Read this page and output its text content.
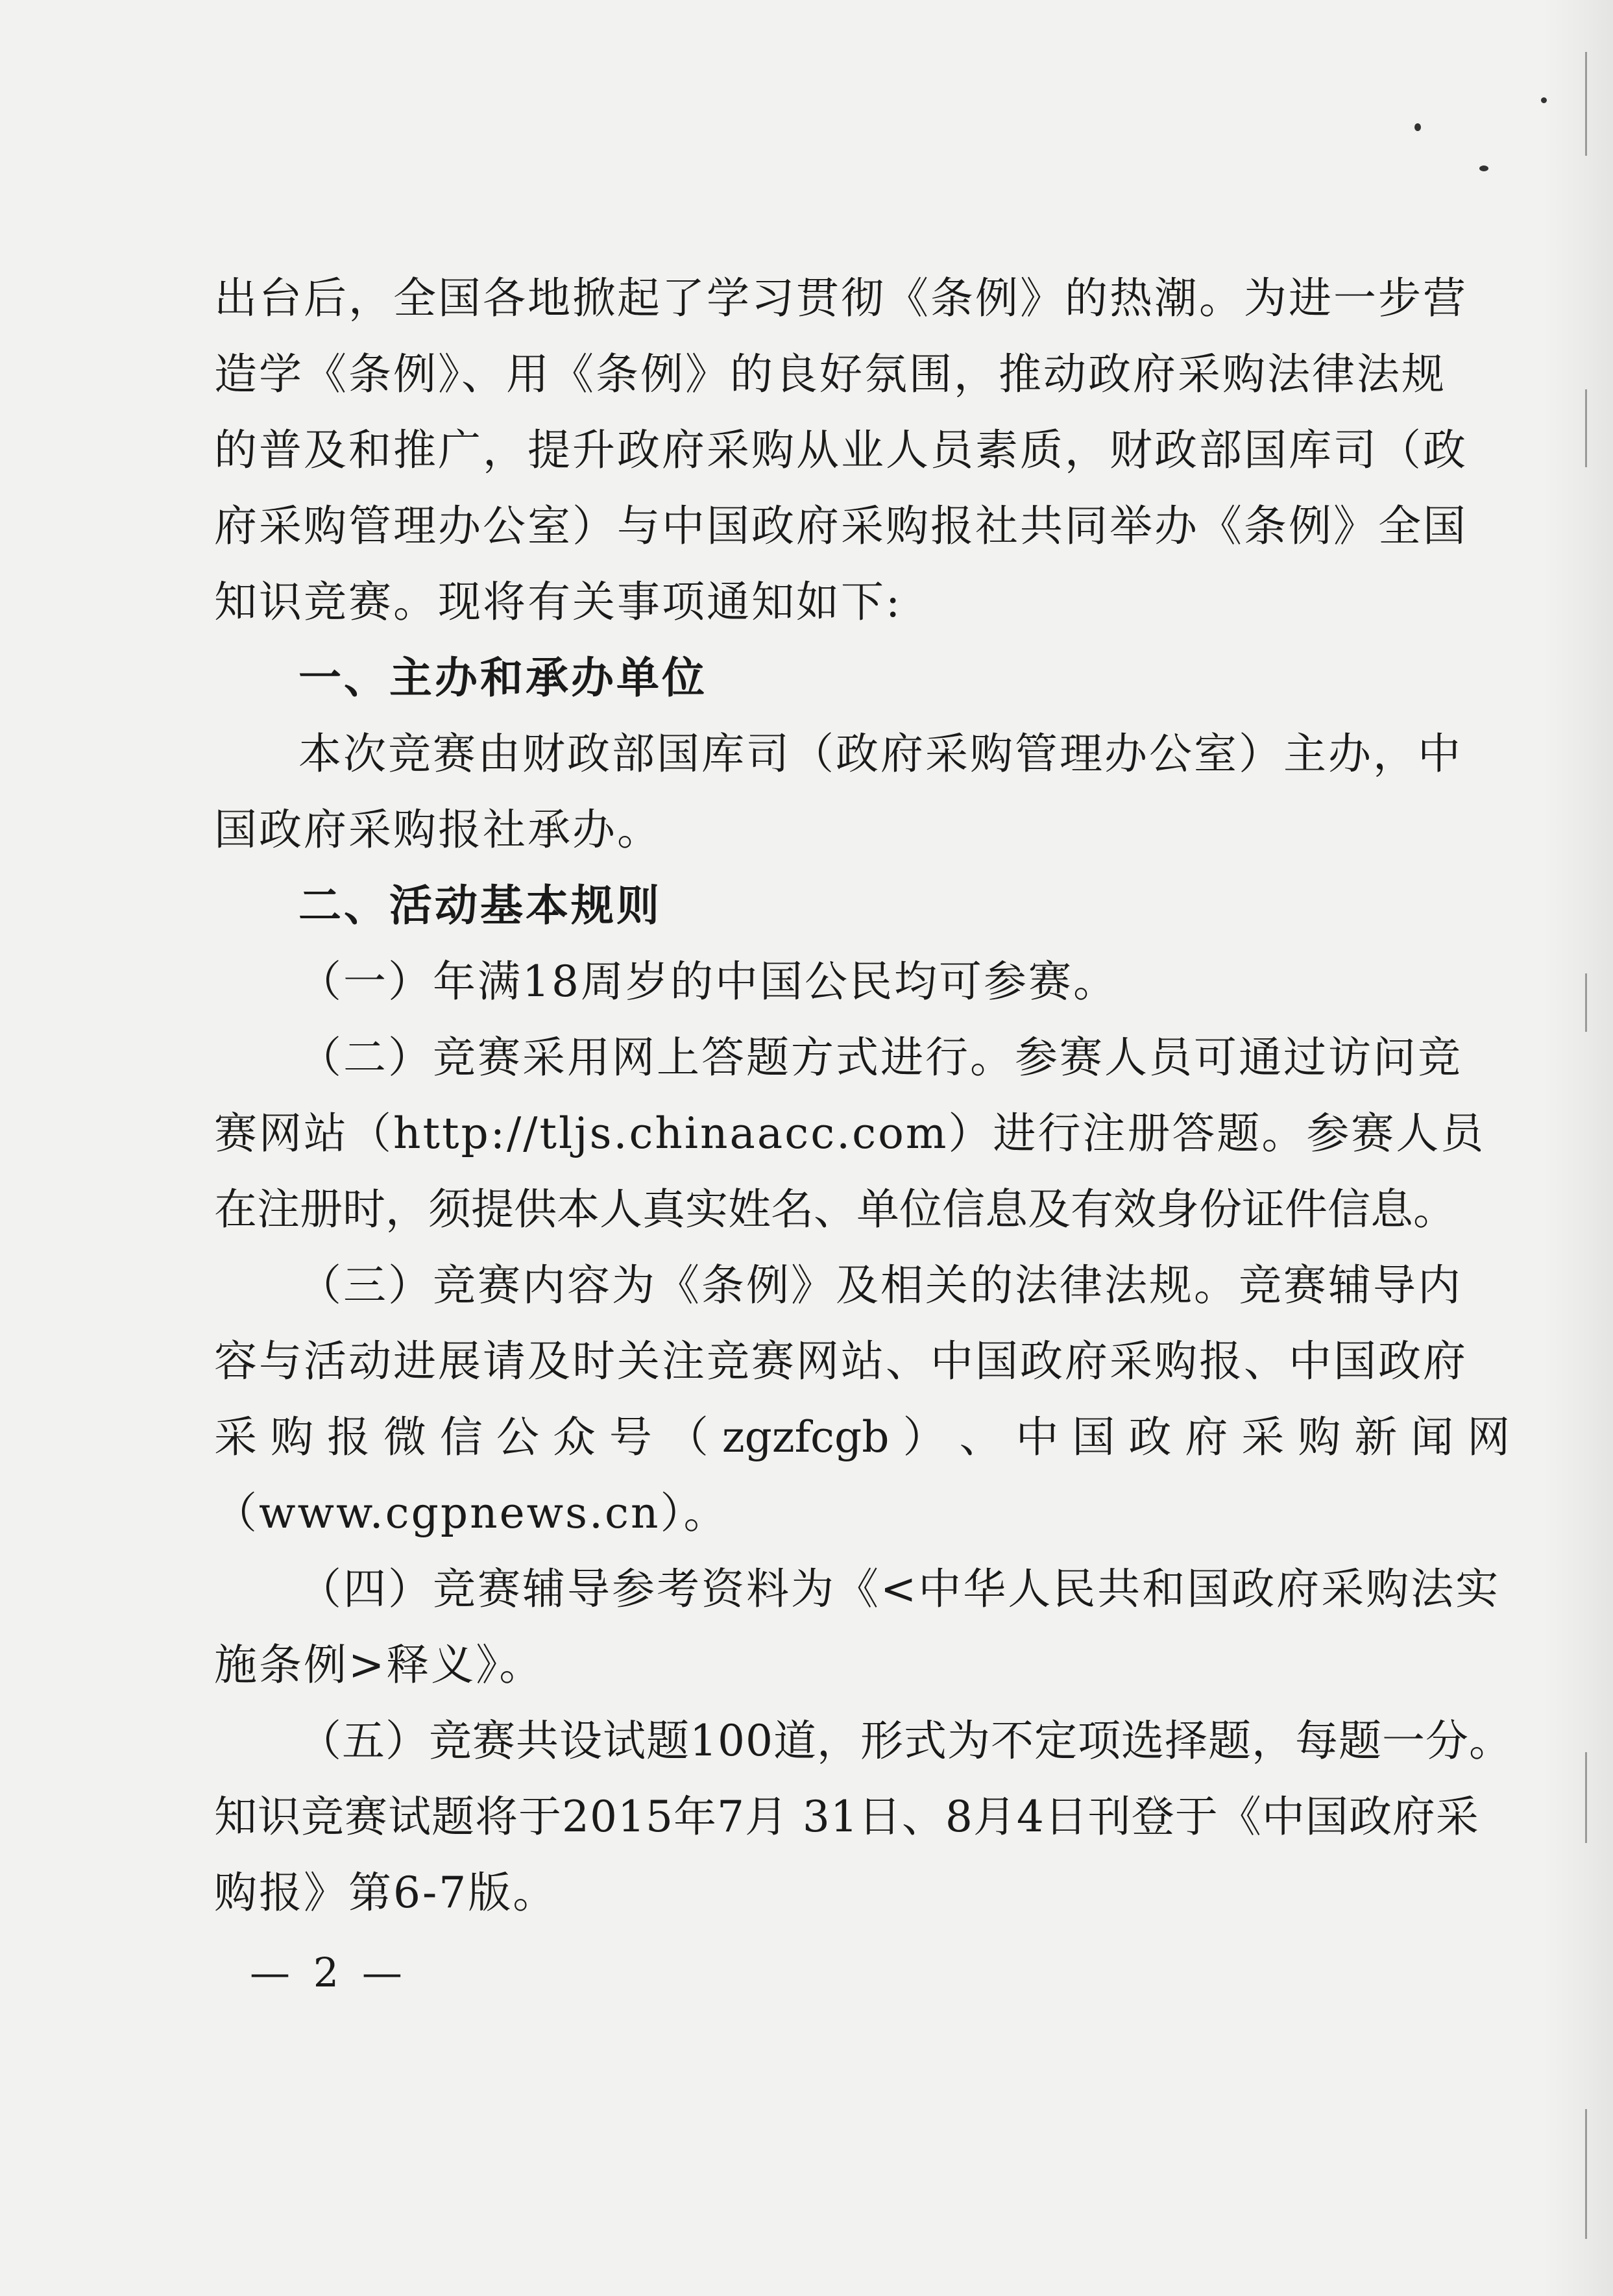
出台后，全国各地掀起了学习贯彻《条例》的热潮。为进一步营
造学《条例》、用《条例》的良好氛围，推动政府采购法律法规
的普及和推广，提升政府采购从业人员素质，财政部国库司（政
府采购管理办公室）与中国政府采购报社共同举办《条例》全国
知识竞赛。现将有关事项通知如下:
一、主办和承办单位
本次竞赛由财政部国库司（政府采购管理办公室）主办，中
国政府采购报社承办。
二、活动基本规则
（一）年满18周岁的中国公民均可参赛。
（二）竞赛采用网上答题方式进行。参赛人员可通过访问竞
赛网站（http://tljs.chinaacc.com）进行注册答题。参赛人员
在注册时，须提供本人真实姓名、单位信息及有效身份证件信息。
（三）竞赛内容为《条例》及相关的法律法规。竞赛辅导内
容与活动进展请及时关注竞赛网站、中国政府采购报、中国政府
采 购 报 微 信 公 众 号 （ zgzfcgb ） 、 中 国 政 府 采 购 新 闻 网
（www.cgpnews.cn）。
（四）竞赛辅导参考资料为《<中华人民共和国政府采购法实
施条例>释义》。
（五）竞赛共设试题100道，形式为不定项选择题，每题一分。
知识竞赛试题将于2015年7月 31日、8月4日刊登于《中国政府采
购报》第6-7版。
— 2 —
